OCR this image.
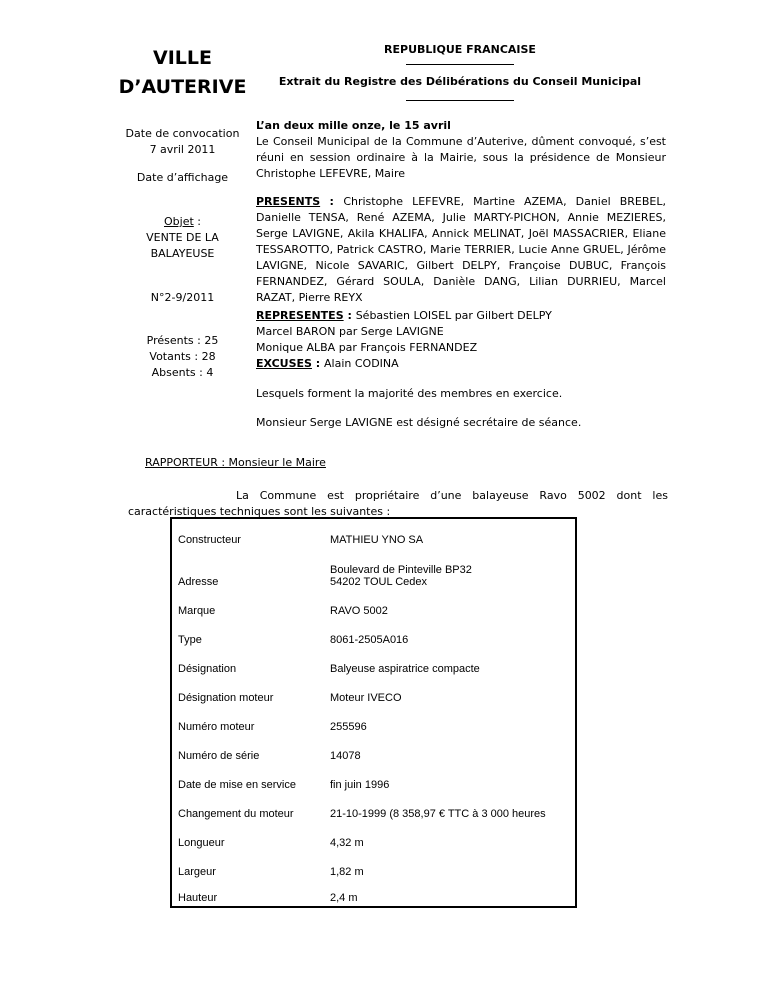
VILLE
D’AUTERIVE
REPUBLIQUE FRANCAISE
Extrait du Registre des Délibérations du Conseil Municipal
Date de convocation
7 avril 2011
Date d’affichage
Objet :
VENTE DE LA
BALAYEUSE
N°2-9/2011
Présents : 25
Votants : 28
Absents : 4
L’an deux mille onze, le 15 avril
Le Conseil Municipal de la Commune d’Auterive, dûment convoqué, s’est réuni en session ordinaire à la Mairie, sous la présidence de Monsieur Christophe LEFEVRE, Maire
PRESENTS : Christophe LEFEVRE, Martine AZEMA, Daniel BREBEL, Danielle TENSA, René AZEMA, Julie MARTY-PICHON, Annie MEZIERES, Serge LAVIGNE, Akila KHALIFA, Annick MELINAT, Joël MASSACRIER, Eliane TESSAROTTO, Patrick CASTRO, Marie TERRIER, Lucie Anne GRUEL, Jérôme LAVIGNE, Nicole SAVARIC, Gilbert DELPY, Françoise DUBUC, François FERNANDEZ, Gérard SOULA, Danièle DANG, Lilian DURRIEU, Marcel RAZAT, Pierre REYX
REPRESENTES : Sébastien LOISEL par Gilbert DELPY
Marcel BARON par Serge LAVIGNE
Monique ALBA par François FERNANDEZ
EXCUSES : Alain CODINA
Lesquels forment la majorité des membres en exercice.
Monsieur Serge LAVIGNE est désigné secrétaire de séance.
RAPPORTEUR : Monsieur le Maire
La Commune est propriétaire d’une balayeuse Ravo 5002 dont les
caractéristiques techniques sont les suivantes :
Constructeur	MATHIEU YNO SA
Adresse	Boulevard de Pinteville BP32
54202 TOUL Cedex

Marque	RAVO 5002
Type	8061-2505A016
Désignation	Balyeuse aspiratrice compacte
Désignation moteur	Moteur IVECO
Numéro moteur	255596
Numéro de série	14078
Date de mise en service	fin juin 1996
Changement du moteur	21-10-1999 (8 358,97 € TTC à 3 000 heures
Longueur	4,32 m
Largeur	1,82 m
Hauteur	2,4 m
